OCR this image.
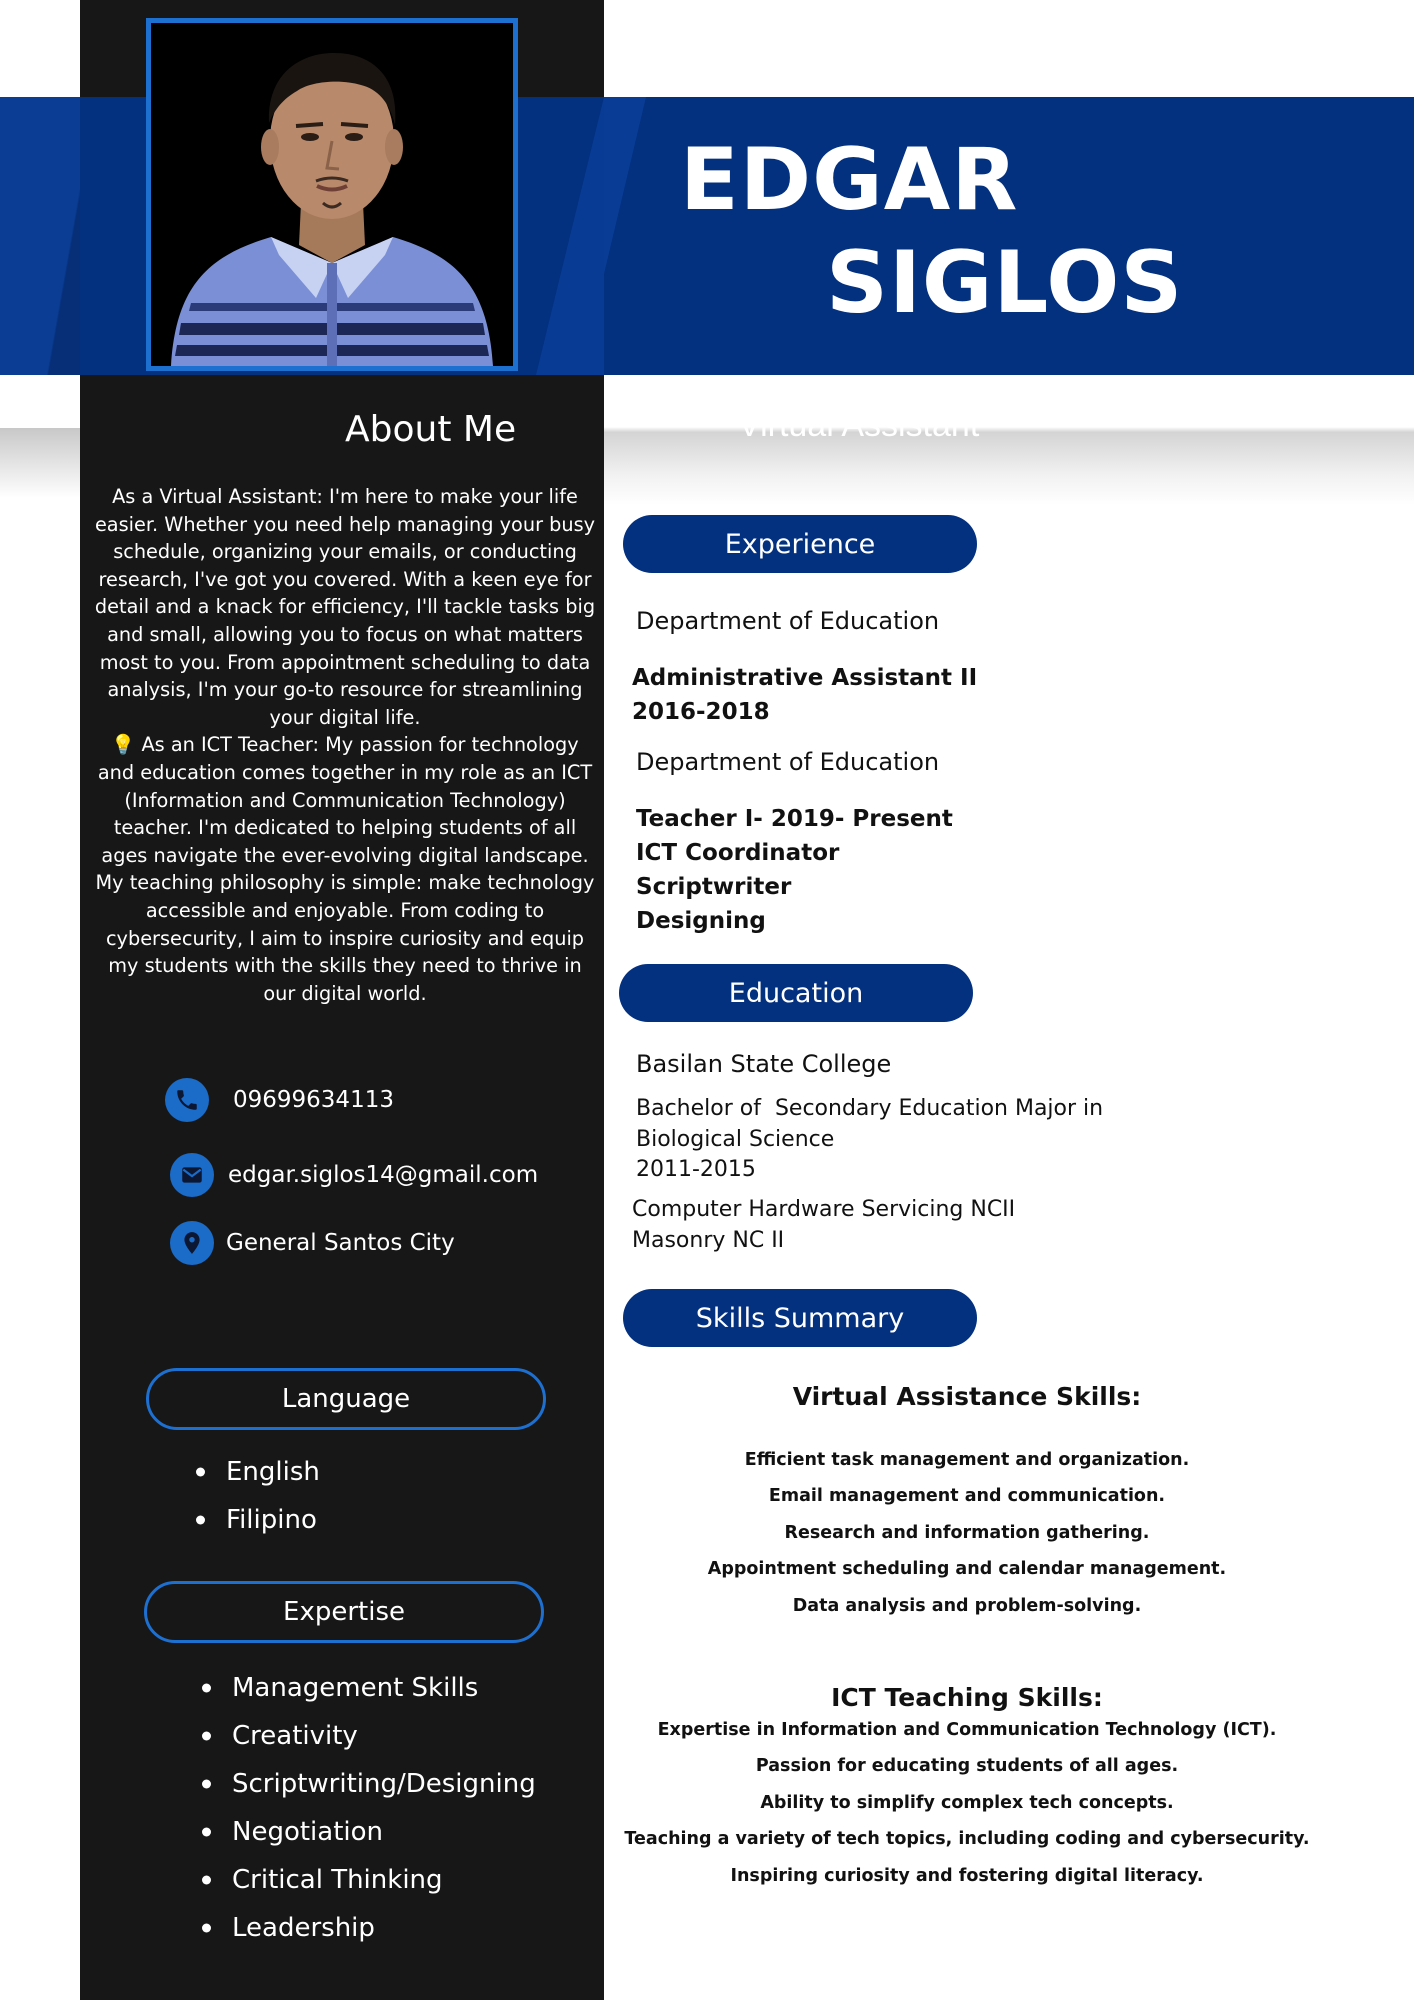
EDGAR
SIGLOS
About Me
As a Virtual Assistant: I'm here to make your life easier. Whether you need help managing your busy schedule, organizing your emails, or conducting research, I've got you covered. With a keen eye for detail and a knack for efficiency, I'll tackle tasks big and small, allowing you to focus on what matters most to you. From appointment scheduling to data analysis, I'm your go-to resource for streamlining your digital life.
💡 As an ICT Teacher: My passion for technology and education comes together in my role as an ICT (Information and Communication Technology) teacher. I'm dedicated to helping students of all ages navigate the ever-evolving digital landscape. My teaching philosophy is simple: make technology accessible and enjoyable. From coding to cybersecurity, I aim to inspire curiosity and equip my students with the skills they need to thrive in our digital world.
09699634113
edgar.siglos14@gmail.com
General Santos City
Language
English
Filipino
Expertise
Management Skills
Creativity
Scriptwriting/Designing
Negotiation
Critical Thinking
Leadership
Experience
Department of Education
Administrative Assistant II
2016-2018
Department of Education
Teacher I- 2019- Present
ICT Coordinator
Scriptwriter
Designing
Education
Basilan State College
Bachelor of  Secondary Education Major in
Biological Science
2011-2015
Computer Hardware Servicing NCII
Masonry NC II
Skills Summary
Virtual Assistance Skills:
Efficient task management and organization.
Email management and communication.
Research and information gathering.
Appointment scheduling and calendar management.
Data analysis and problem-solving.
ICT Teaching Skills:
Expertise in Information and Communication Technology (ICT).
Passion for educating students of all ages.
Ability to simplify complex tech concepts.
Teaching a variety of tech topics, including coding and cybersecurity.
Inspiring curiosity and fostering digital literacy.
